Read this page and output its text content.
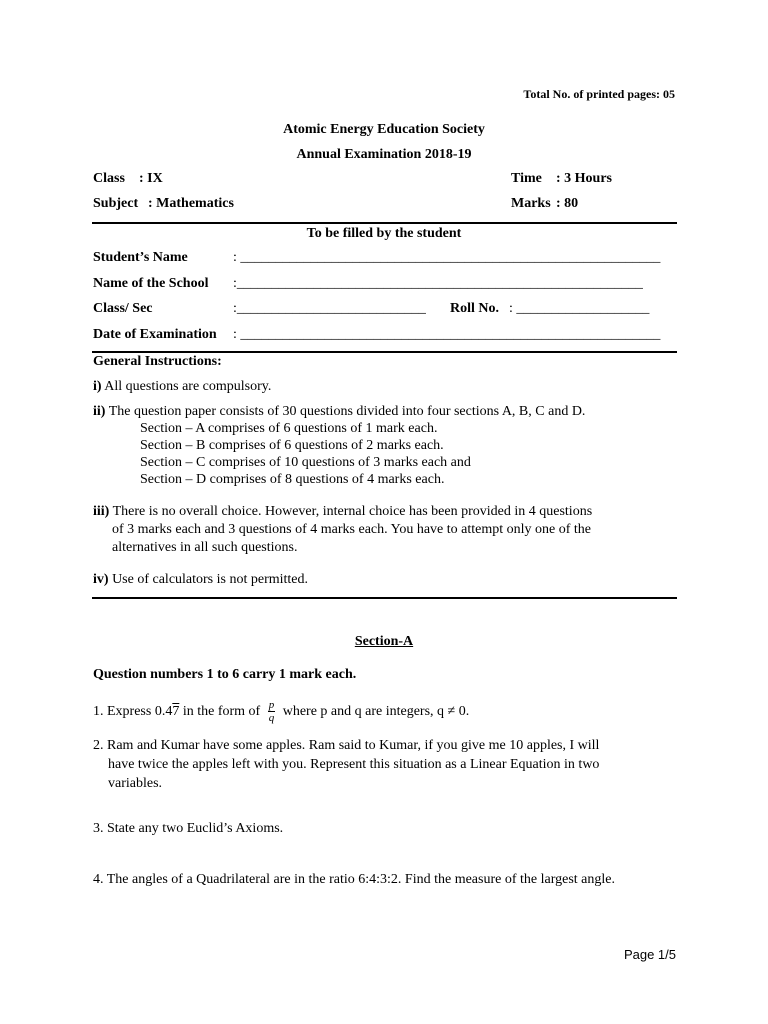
Total No. of printed pages: 05
Atomic Energy Education Society
Annual Examination 2018-19
Class : IX	Time : 3 Hours
Subject : Mathematics	Marks : 80
To be filled by the student
Student’s Name	: ____________________________________________________________
Name of the School :__________________________________________________________
Class/ Sec	:___________________________ Roll No. : ___________________
Date of Examination : ____________________________________________________________
General Instructions:
i) All questions are compulsory.
ii) The question paper consists of 30 questions divided into four sections A, B, C and D.
Section – A comprises of 6 questions of 1 mark each.
Section – B comprises of 6 questions of 2 marks each.
Section – C comprises of 10 questions of 3 marks each and
Section – D comprises of 8 questions of 4 marks each.
iii) There is no overall choice. However, internal choice has been provided in 4 questions
of 3 marks each and 3 questions of 4 marks each. You have to attempt only one of the
alternatives in all such questions.
iv) Use of calculators is not permitted.
Section-A
Question numbers 1 to 6 carry 1 mark each.
1. Express 0.47 in the form of $\frac{p}{q}$ where p and q are integers, q ≠ 0.
2. Ram and Kumar have some apples. Ram said to Kumar, if you give me 10 apples, I will
have twice the apples left with you. Represent this situation as a Linear Equation in two
variables.
3. State any two Euclid’s Axioms.
4. The angles of a Quadrilateral are in the ratio 6:4:3:2. Find the measure of the largest angle.
Page 1/5
